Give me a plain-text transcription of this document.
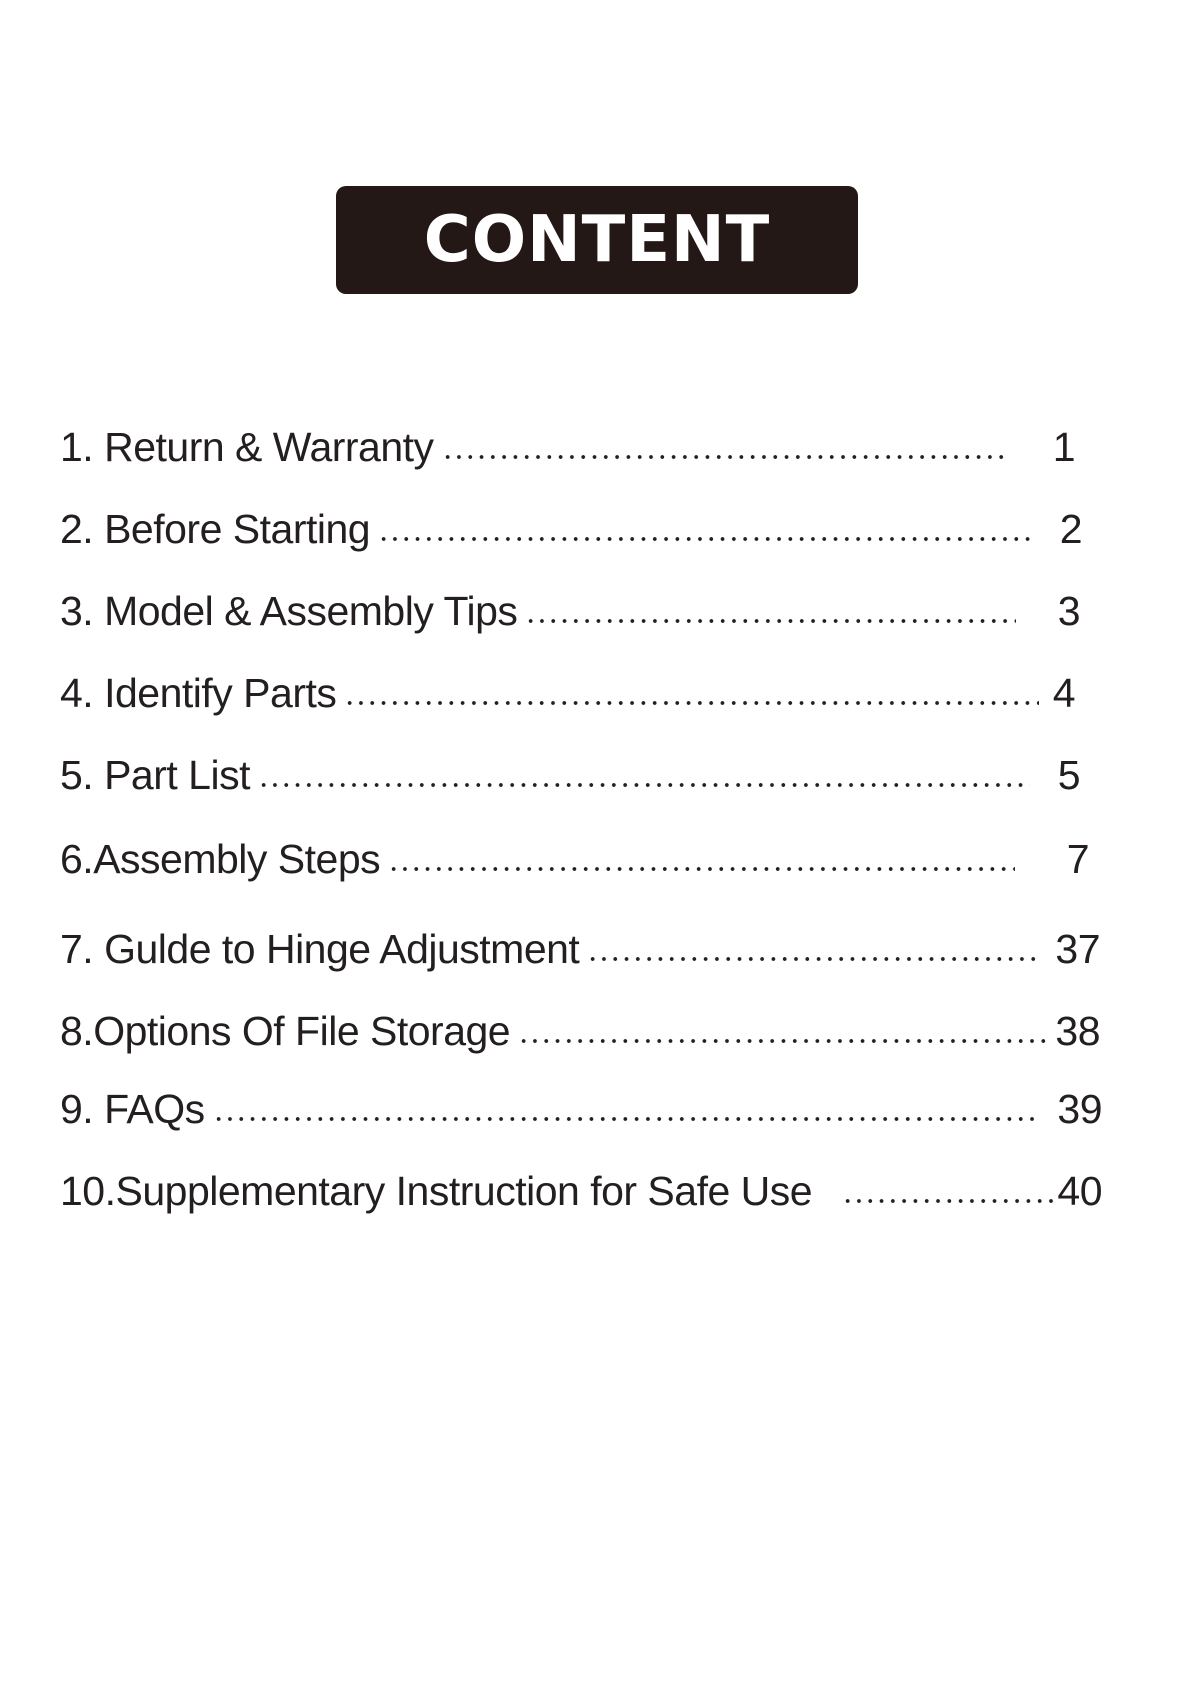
CONTENT
1. Return & Warranty	1
2. Before Starting	2
3. Model & Assembly Tips	3
4. Identify Parts	4
5. Part List	5
6.Assembly Steps	7
7. Gulde to Hinge Adjustment	37
8.Options Of File Storage	38
9. FAQs	39
10.Supplementary Instruction for Safe Use	40
